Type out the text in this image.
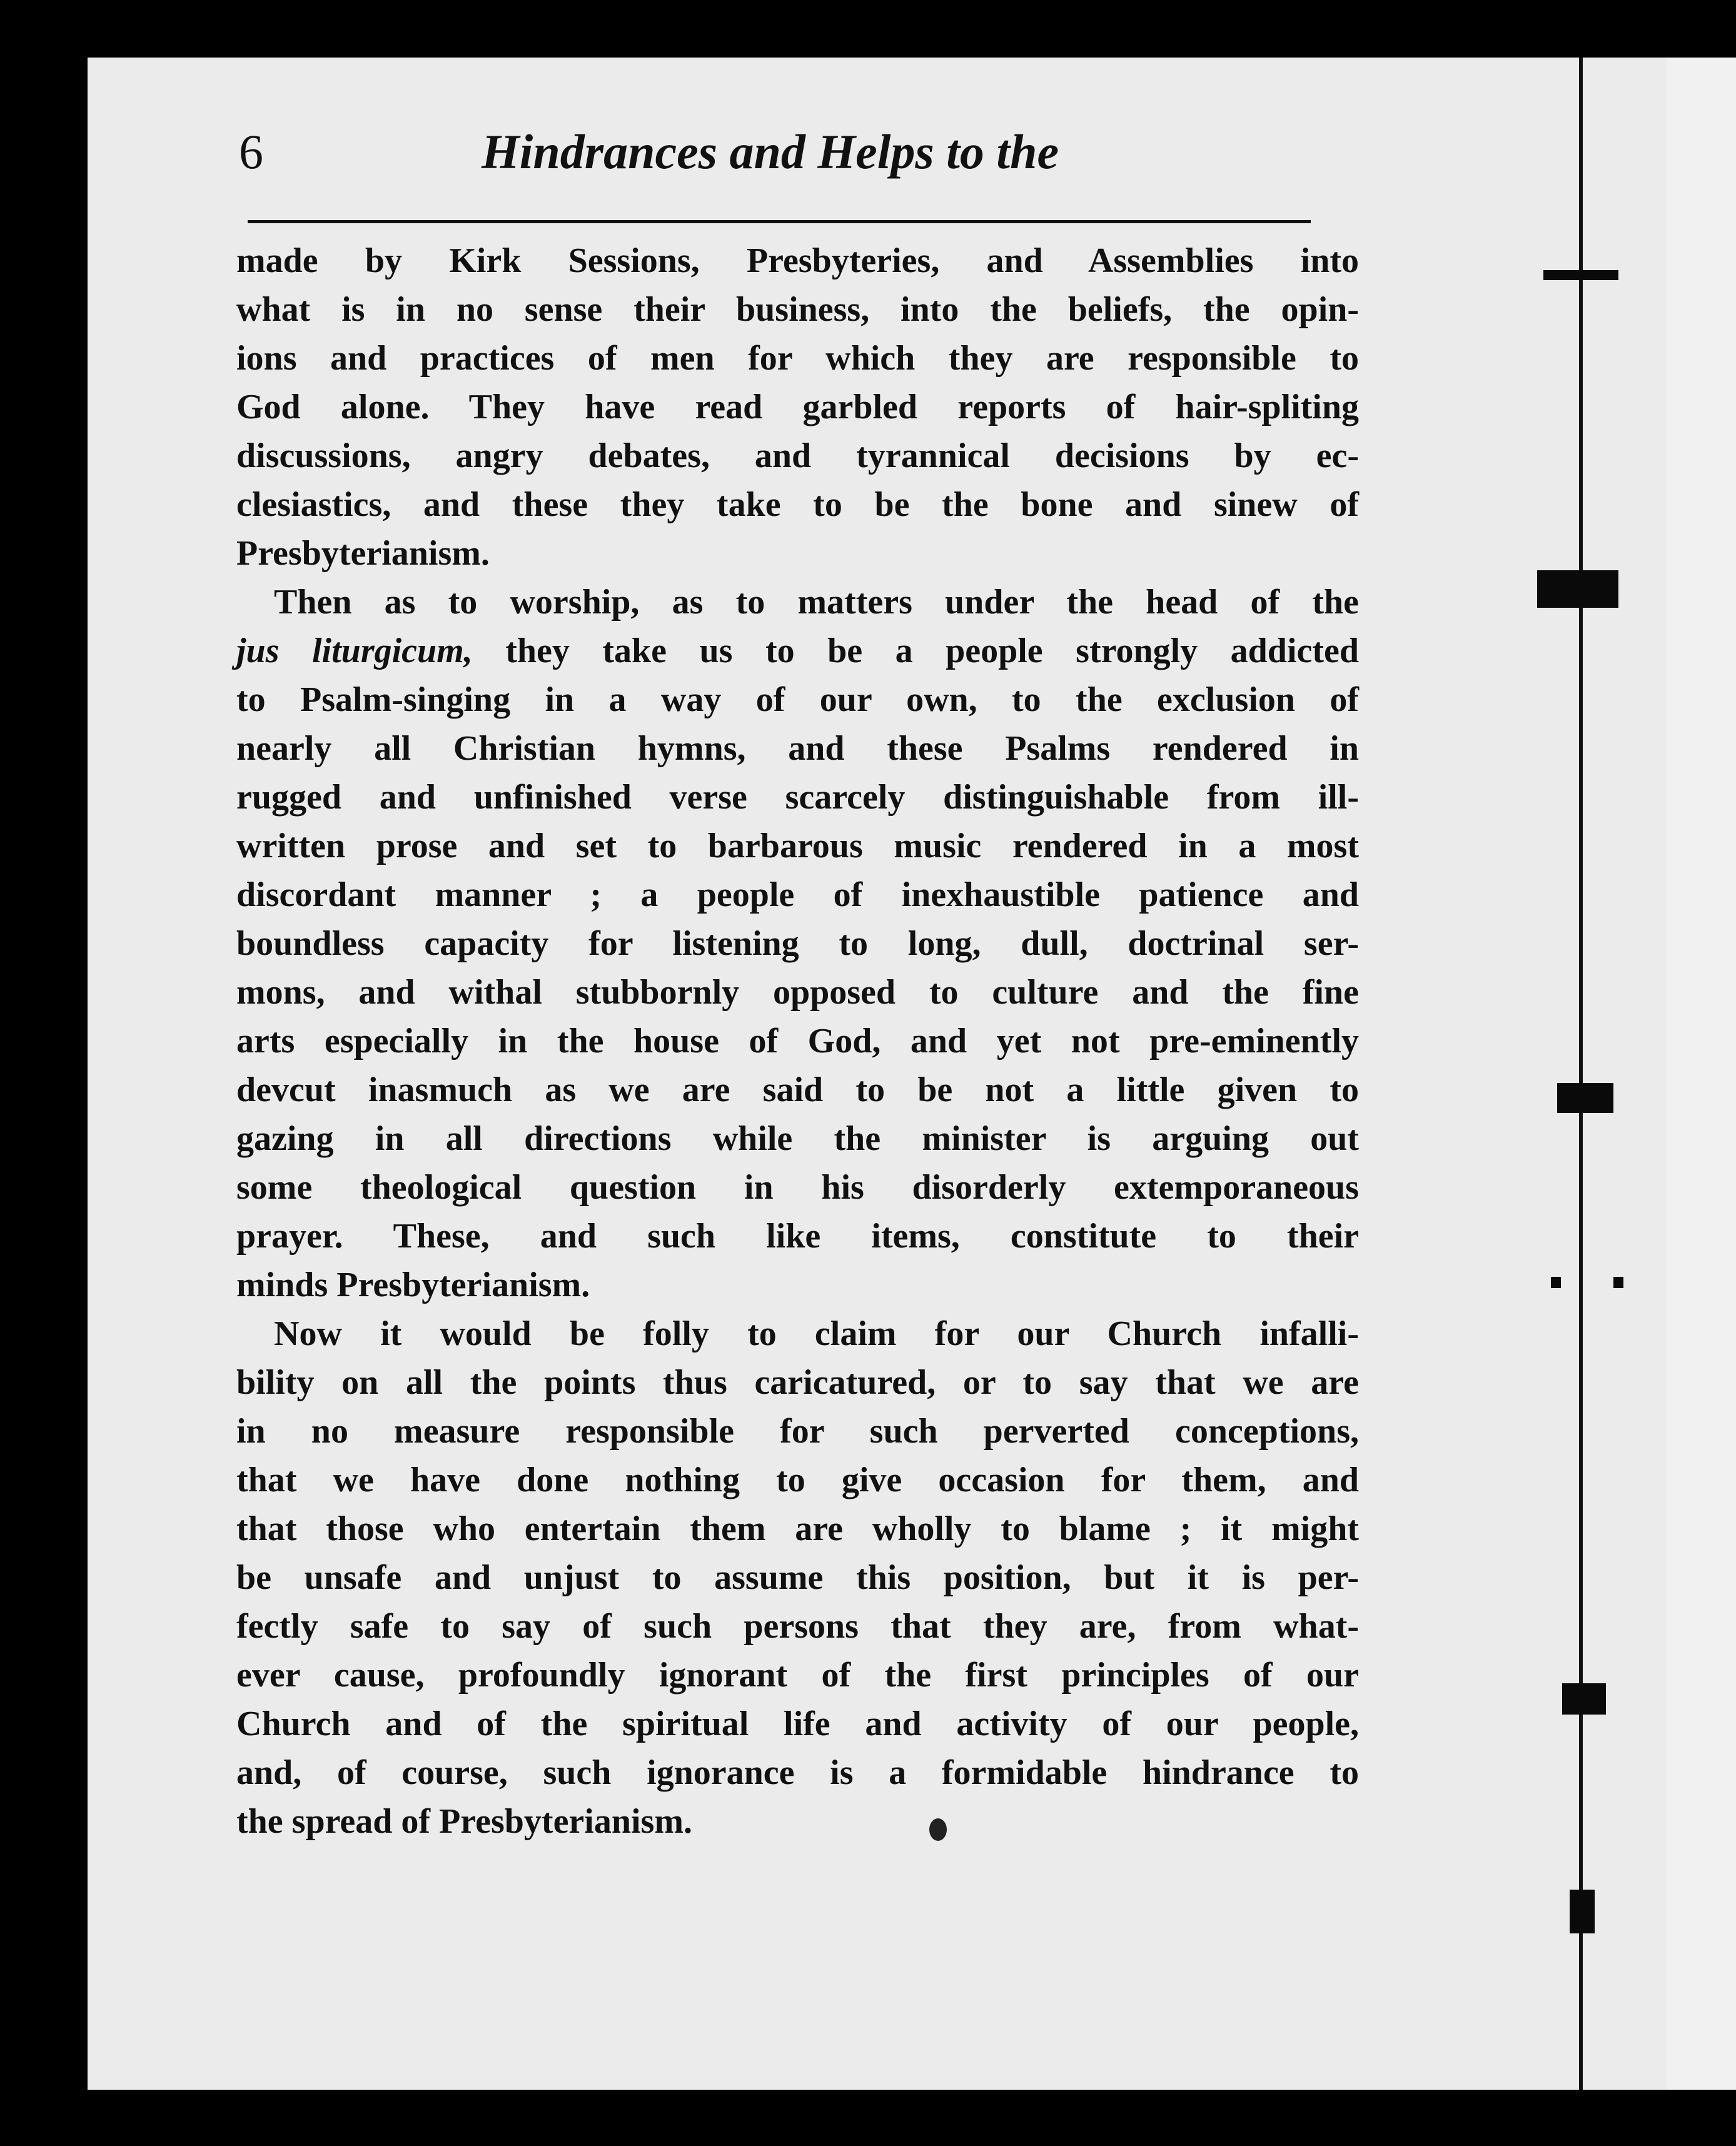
6	Hindrances and Helps to the
made by Kirk Sessions, Presbyteries, and Assemblies into
what is in no sense their business, into the beliefs, the opin-
ions and practices of men for which they are responsible to
God alone. They have read garbled reports of hair-spliting
discussions, angry debates, and tyrannical decisions by ec-
clesiastics, and these they take to be the bone and sinew of
Presbyterianism.
Then as to worship, as to matters under the head of the
jus liturgicum, they take us to be a people strongly addicted
to Psalm-singing in a way of our own, to the exclusion of
nearly all Christian hymns, and these Psalms rendered in
rugged and unfinished verse scarcely distinguishable from ill-
written prose and set to barbarous music rendered in a most
discordant manner ; a people of inexhaustible patience and
boundless capacity for listening to long, dull, doctrinal ser-
mons, and withal stubbornly opposed to culture and the fine
arts especially in the house of God, and yet not pre-eminently
devcut inasmuch as we are said to be not a little given to
gazing in all directions while the minister is arguing out
some theological question in his disorderly extemporaneous
prayer. These, and such like items, constitute to their
minds Presbyterianism.
Now it would be folly to claim for our Church infalli-
bility on all the points thus caricatured, or to say that we are
in no measure responsible for such perverted conceptions,
that we have done nothing to give occasion for them, and
that those who entertain them are wholly to blame ; it might
be unsafe and unjust to assume this position, but it is per-
fectly safe to say of such persons that they are, from what-
ever cause, profoundly ignorant of the first principles of our
Church and of the spiritual life and activity of our people,
and, of course, such ignorance is a formidable hindrance to
the spread of Presbyterianism.
